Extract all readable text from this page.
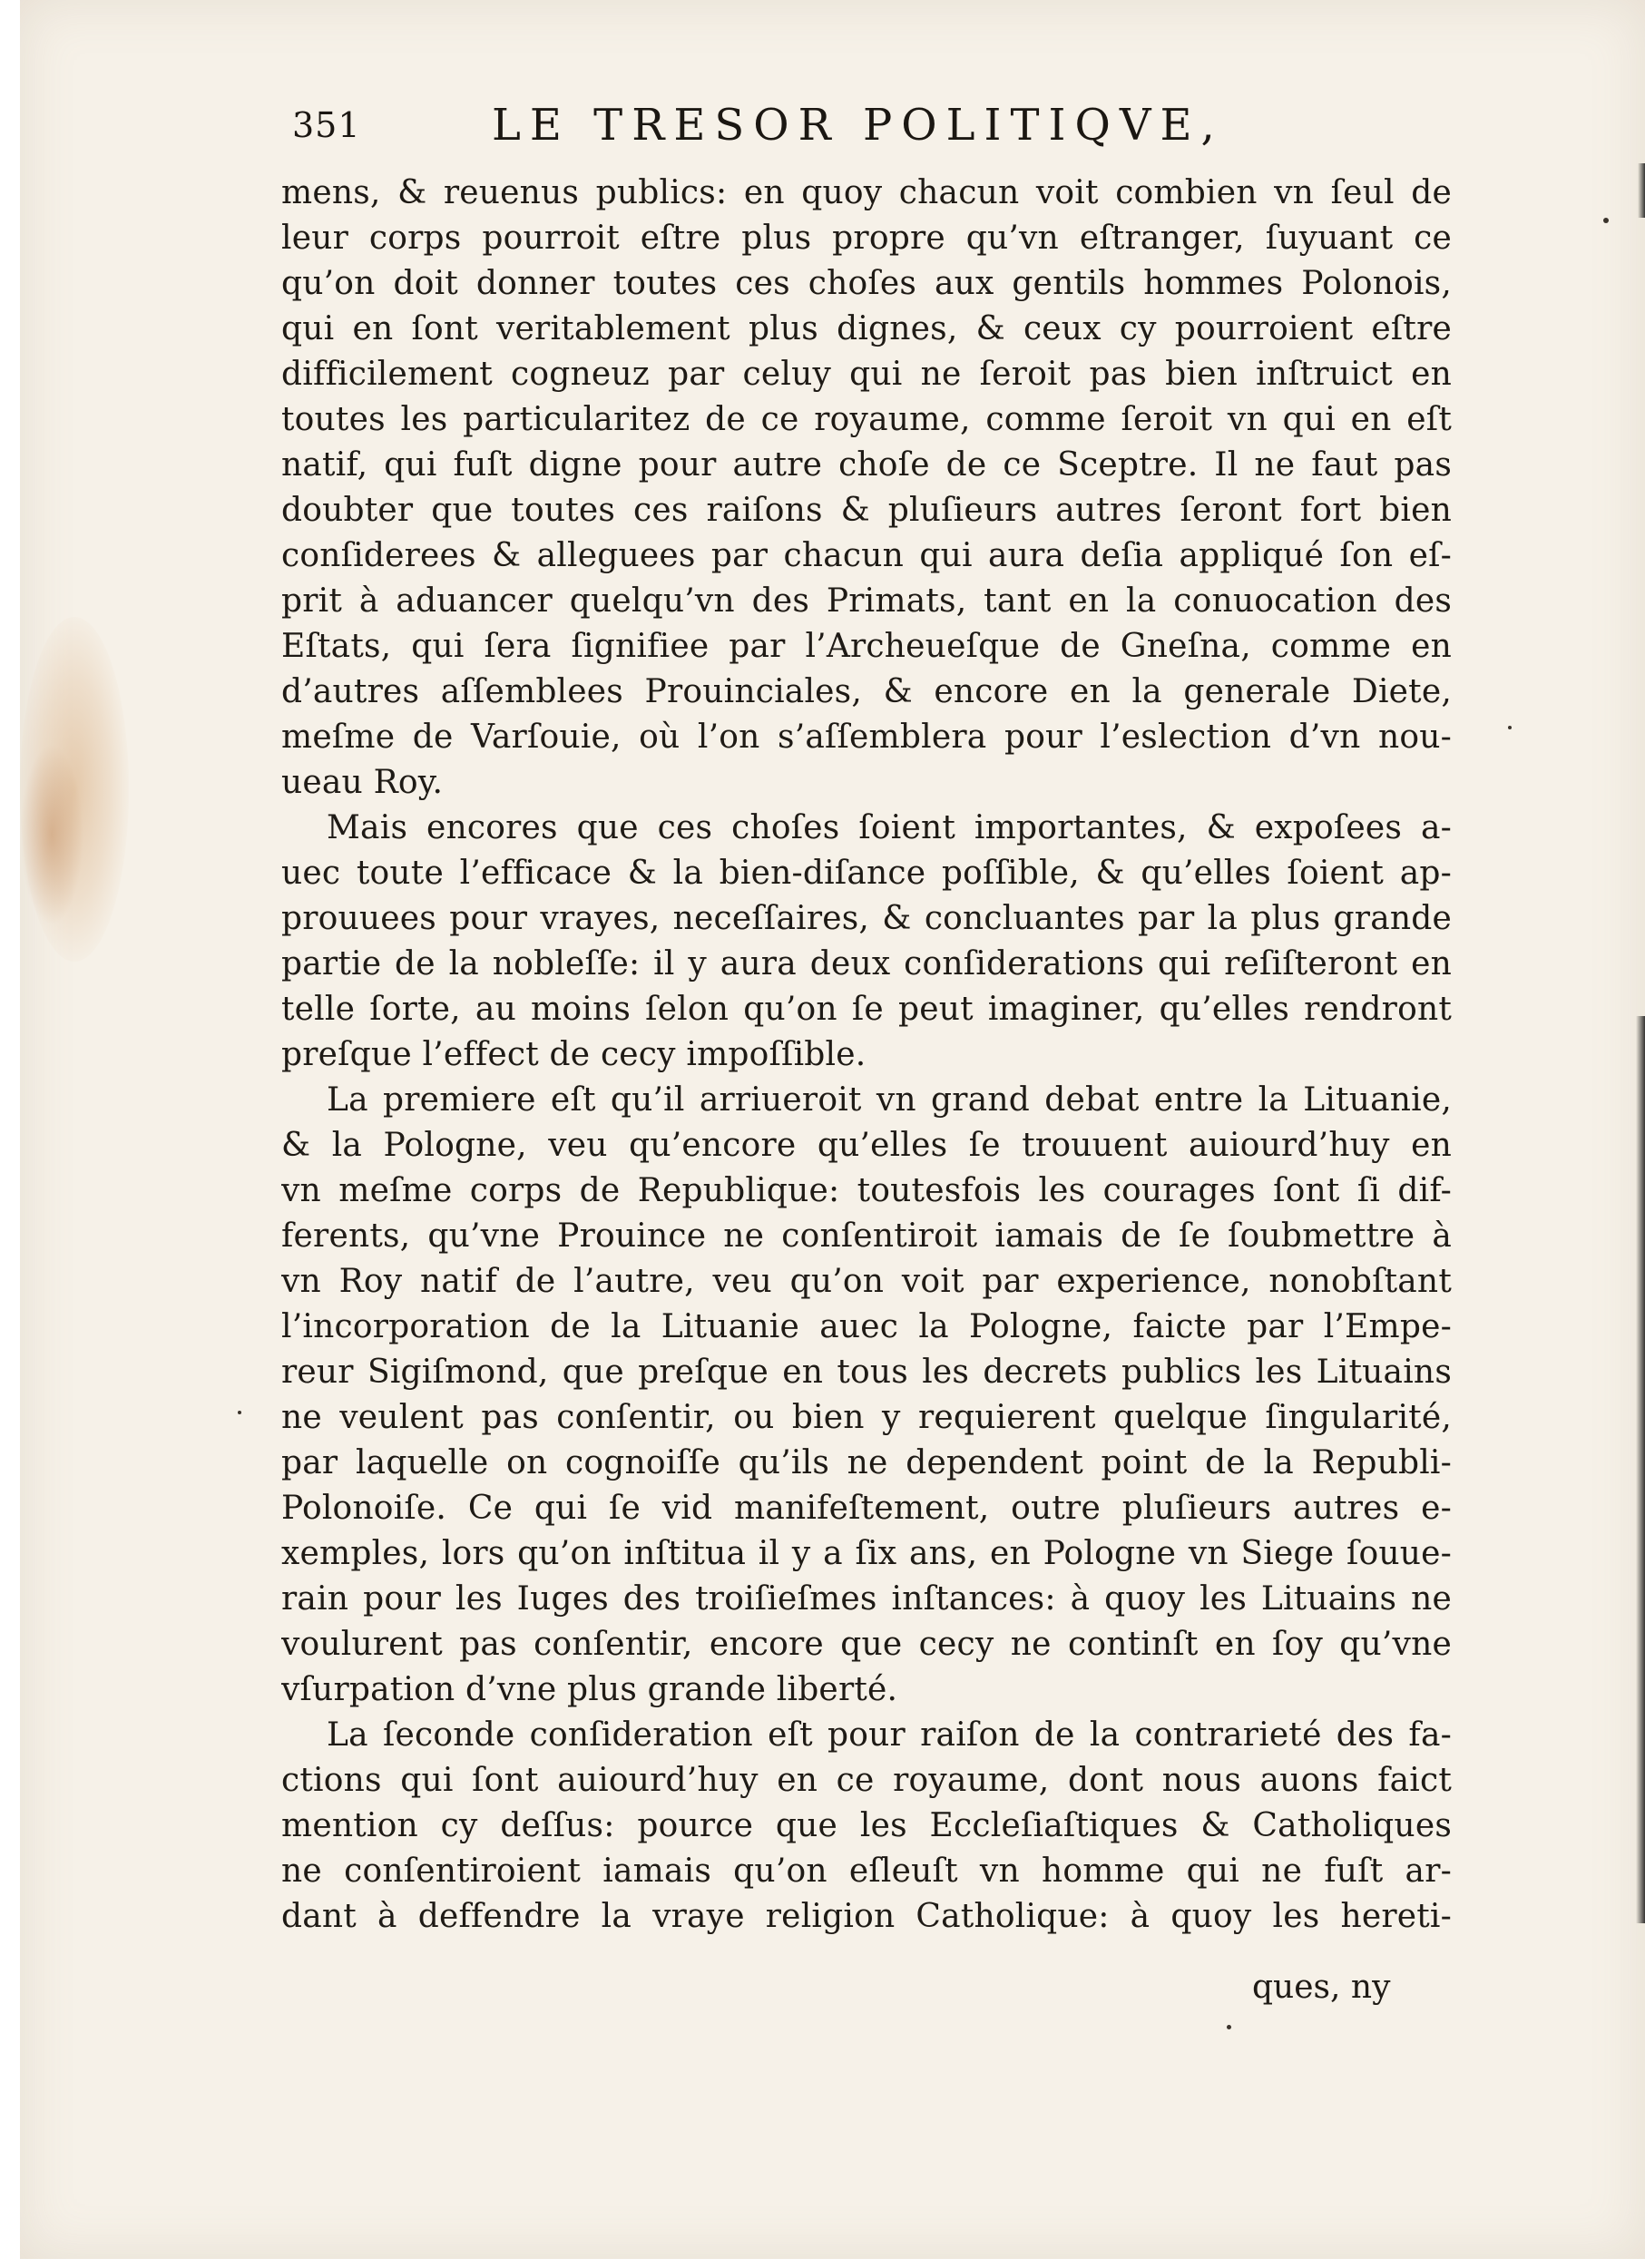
351	LE TRESOR POLITIQVE,
mens, & reuenus publics: en quoy chacun voit combien vn ſeul de
leur corps pourroit eſtre plus propre qu’vn eſtranger, ſuyuant ce
qu’on doit donner toutes ces choſes aux gentils hommes Polonois,
qui en ſont veritablement plus dignes, & ceux cy pourroient eſtre
difficilement cogneuz par celuy qui ne ſeroit pas bien inſtruict en
toutes les particularitez de ce royaume, comme ſeroit vn qui en eſt
natif, qui fuſt digne pour autre choſe de ce Sceptre. Il ne faut pas
doubter que toutes ces raiſons & pluſieurs autres ſeront fort bien
conſiderees & alleguees par chacun qui aura deſia appliqué ſon eſ-
prit à aduancer quelqu’vn des Primats, tant en la conuocation des
Eſtats, qui ſera ſignifiee par l’Archeueſque de Gneſna, comme en
d’autres aſſemblees Prouinciales, & encore en la generale Diete,
meſme de Varſouie, où l’on s’aſſemblera pour l’eslection d’vn nou-
ueau Roy.
Mais encores que ces choſes ſoient importantes, & expoſees a-
uec toute l’efficace & la bien-diſance poſſible, & qu’elles ſoient ap-
prouuees pour vrayes, neceſſaires, & concluantes par la plus grande
partie de la nobleſſe: il y aura deux conſiderations qui reſiſteront en
telle ſorte, au moins ſelon qu’on ſe peut imaginer, qu’elles rendront
preſque l’effect de cecy impoſſible.
La premiere eſt qu’il arriueroit vn grand debat entre la Lituanie,
& la Pologne, veu qu’encore qu’elles ſe trouuent auiourd’huy en
vn meſme corps de Republique: toutesfois les courages ſont ſi dif-
ferents, qu’vne Prouince ne conſentiroit iamais de ſe ſoubmettre à
vn Roy natif de l’autre, veu qu’on voit par experience, nonobſtant
l’incorporation de la Lituanie auec la Pologne, faicte par l’Empe-
reur Sigiſmond, que preſque en tous les decrets publics les Lituains
ne veulent pas conſentir, ou bien y requierent quelque ſingularité,
par laquelle on cognoiſſe qu’ils ne dependent point de la Republi-
Polonoiſe. Ce qui ſe vid manifeſtement, outre pluſieurs autres e-
xemples, lors qu’on inſtitua il y a ſix ans, en Pologne vn Siege ſouue-
rain pour les Iuges des troiſieſmes inſtances: à quoy les Lituains ne
voulurent pas conſentir, encore que cecy ne continſt en ſoy qu’vne
vſurpation d’vne plus grande liberté.
La ſeconde conſideration eſt pour raiſon de la contrarieté des fa-
ctions qui ſont auiourd’huy en ce royaume, dont nous auons faict
mention cy deſſus: pource que les Eccleſiaſtiques & Catholiques
ne conſentiroient iamais qu’on eſleuſt vn homme qui ne fuſt ar-
dant à deffendre la vraye religion Catholique: à quoy les hereti-
ques, ny
